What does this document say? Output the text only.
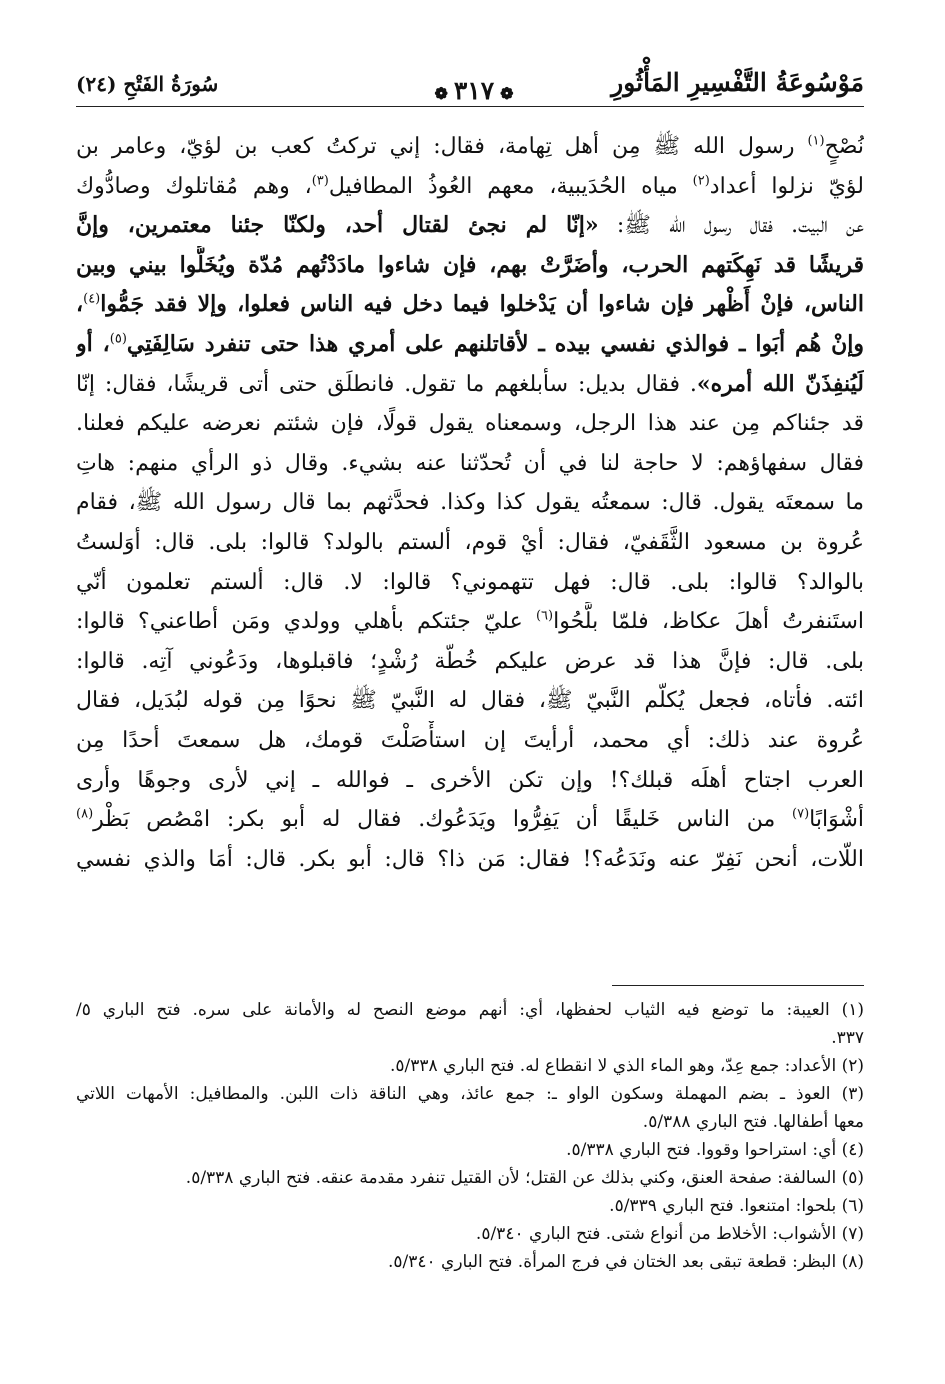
مَوْسُوعَةُ التَّفْسِيرِ المَأْثُورِ
سُورَةُ الفَتْحِ (٢٤)	❁٣١٧❁
نُصْحٍ$^{(١)}$ رسول الله ﷺ مِن أهل تِهامة، فقال: إني تركتُ كعب بن لؤيّ، وعامر بن
لؤيّ نزلوا أعداد$^{(٢)}$ مياه الحُدَيبية، معهم العُوذُ المطافيل$^{(٣)}$، وهم مُقاتلوك وصادُّوك
عن البيت. فقال رسول الله ﷺ: «إنّا لم نجئ لقتال أحد، ولكنّا جئنا معتمرين، وإنَّ
قريشًا قد نَهِكَتهم الحرب، وأضَرَّتْ بهم، فإن شاءوا مادَدْتُهم مُدّة ويُخَلُّوا بيني وبين
الناس، فإنْ أَظْهر فإن شاءوا أن يَدْخلوا فيما دخل فيه الناس فعلوا، وإلا فقد جَمُّوا$^{(٤)}$،
وإنْ هُم أبَوا ـ فوالذي نفسي بيده ـ لأقاتلنهم على أمري هذا حتى تنفرد سَالِفَتِي$^{(٥)}$، أو
لَيُنفِذَنّ الله أمره». فقال بديل: سأبلغهم ما تقول. فانطلَق حتى أتى قريشًا، فقال: إنّا
قد جئناكم مِن عند هذا الرجل، وسمعناه يقول قولًا، فإن شئتم نعرضه عليكم فعلنا.
فقال سفهاؤهم: لا حاجة لنا في أن تُحدّثنا عنه بشيء. وقال ذو الرأي منهم: هاتِ
ما سمعتَه يقول. قال: سمعتُه يقول كذا وكذا. فحدَّثهم بما قال رسول الله ﷺ، فقام
عُروة بن مسعود الثَّقَفيّ، فقال: أيْ قوم، ألستم بالولد؟ قالوا: بلى. قال: أوَلستُ
بالوالد؟ قالوا: بلى. قال: فهل تتهموني؟ قالوا: لا. قال: ألستم تعلمون أنّي
استَنفرتُ أهلَ عكاظ، فلمّا بلَّحُوا$^{(٦)}$ عليّ جئتكم بأهلي وولدي ومَن أطاعني؟ قالوا:
بلى. قال: فإنَّ هذا قد عرض عليكم خُطّة رُشْدٍ؛ فاقبلوها، ودَعُوني آتِه. قالوا:
ائته. فأتاه، فجعل يُكلّم النَّبيّ ﷺ، فقال له النَّبيّ ﷺ نحوًا مِن قوله لبُدَيل، فقال
عُروة عند ذلك: أي محمد، أرأيتَ إن استأْصَلْتَ قومك، هل سمعتَ أحدًا مِن
العرب اجتاح أهلَه قبلك؟! وإن تكن الأخرى ـ فوالله ـ إني لأرى وجوهًا وأرى
أشْوَابًا$^{(٧)}$ من الناس خَليقًا أن يَفِرُّوا ويَدَعُوك. فقال له أبو بكر: امْصُص بَظْر$^{(٨)}$
اللّات، أنحن نَفِرّ عنه ونَدَعُه؟! فقال: مَن ذا؟ قال: أبو بكر. قال: أمَا والذي نفسي
(١) العيبة: ما توضع فيه الثياب لحفظها، أي: أنهم موضع النصح له والأمانة على سره. فتح الباري ٥/
٣٣٧.
(٢) الأعداد: جمع عِدّ، وهو الماء الذي لا انقطاع له. فتح الباري ٥/٣٣٨.
(٣) العوذ ـ بضم المهملة وسكون الواو ـ: جمع عائذ، وهي الناقة ذات اللبن. والمطافيل: الأمهات اللاتي
معها أطفالها. فتح الباري ٥/٣٨٨.
(٤) أي: استراحوا وقووا. فتح الباري ٥/٣٣٨.
(٥) السالفة: صفحة العنق، وكني بذلك عن القتل؛ لأن القتيل تنفرد مقدمة عنقه. فتح الباري ٥/٣٣٨.
(٦) بلحوا: امتنعوا. فتح الباري ٥/٣٣٩.
(٧) الأشواب: الأخلاط من أنواع شتى. فتح الباري ٥/٣٤٠.
(٨) البظر: قطعة تبقى بعد الختان في فرج المرأة. فتح الباري ٥/٣٤٠.
